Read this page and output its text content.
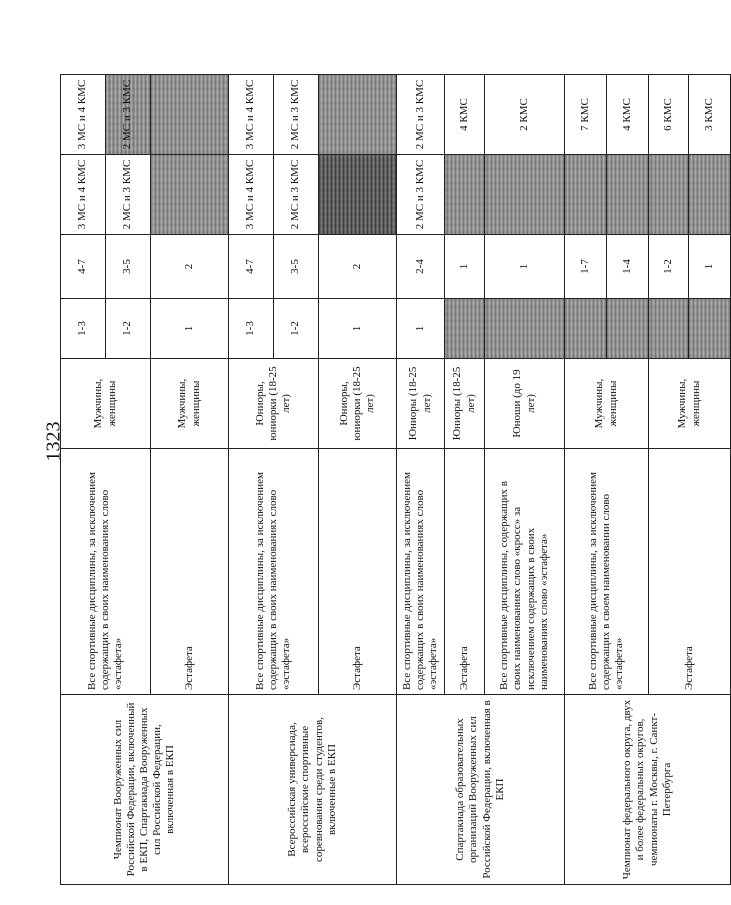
1323
Чемпионат Вооруженных сил Российской Федерации, включенный в ЕКП, Спартакиада Вооруженных сил Российской Федерации, включенная в ЕКП	Все спортивные дисциплины, за исключением содержащих в своих наименованиях слово «эстафета»	Мужчины, женщины	1-3	4-7	3 МС и 4 КМС	3 МС и 4 КМС
			1-2	3-5	2 МС и 3 КМС	2 МС и 3 КМС
	Эстафета	Мужчины, женщины	1	2		
Всероссийская универсиада, всероссийские спортивные соревнования среди студентов, включенные в ЕКП	Все спортивные дисциплины, за исключением содержащих в своих наименованиях слово «эстафета»	Юниоры, юниорки (18-25 лет)	1-3	4-7	3 МС и 4 КМС	3 МС и 4 КМС
			1-2	3-5	2 МС и 3 КМС	2 МС и 3 КМС
	Эстафета	Юниоры, юниорки (18-25 лет)	1	2		
Спартакиада образовательных организаций Вооруженных сил Российской Федерации, включенная в ЕКП	Все спортивные дисциплины, за исключением содержащих в своих наименованиях слово «эстафета»	Юниоры (18-25 лет)	1	2-4	2 МС и 3 КМС	2 МС и 3 КМС
	Эстафета	Юниоры (18-25 лет)		1		4 КМС
	Все спортивные дисциплины, содержащих в своих наименованиях слово «кросс» за исключением содержащих в своих наименованиях слово «эстафета»	Юноши (до 19 лет)		1		2 КМС
Чемпионат федерального округа, двух и более федеральных округов, чемпионаты г. Москвы, г. Санкт-Петербурга	Все спортивные дисциплины, за исключением содержащих в своем наименовании слово «эстафета»	Мужчины, женщины		1-7		7 КМС
				1-4		4 КМС
	Эстафета	Мужчины, женщины		1-2		6 КМС
				1		3 КМС
